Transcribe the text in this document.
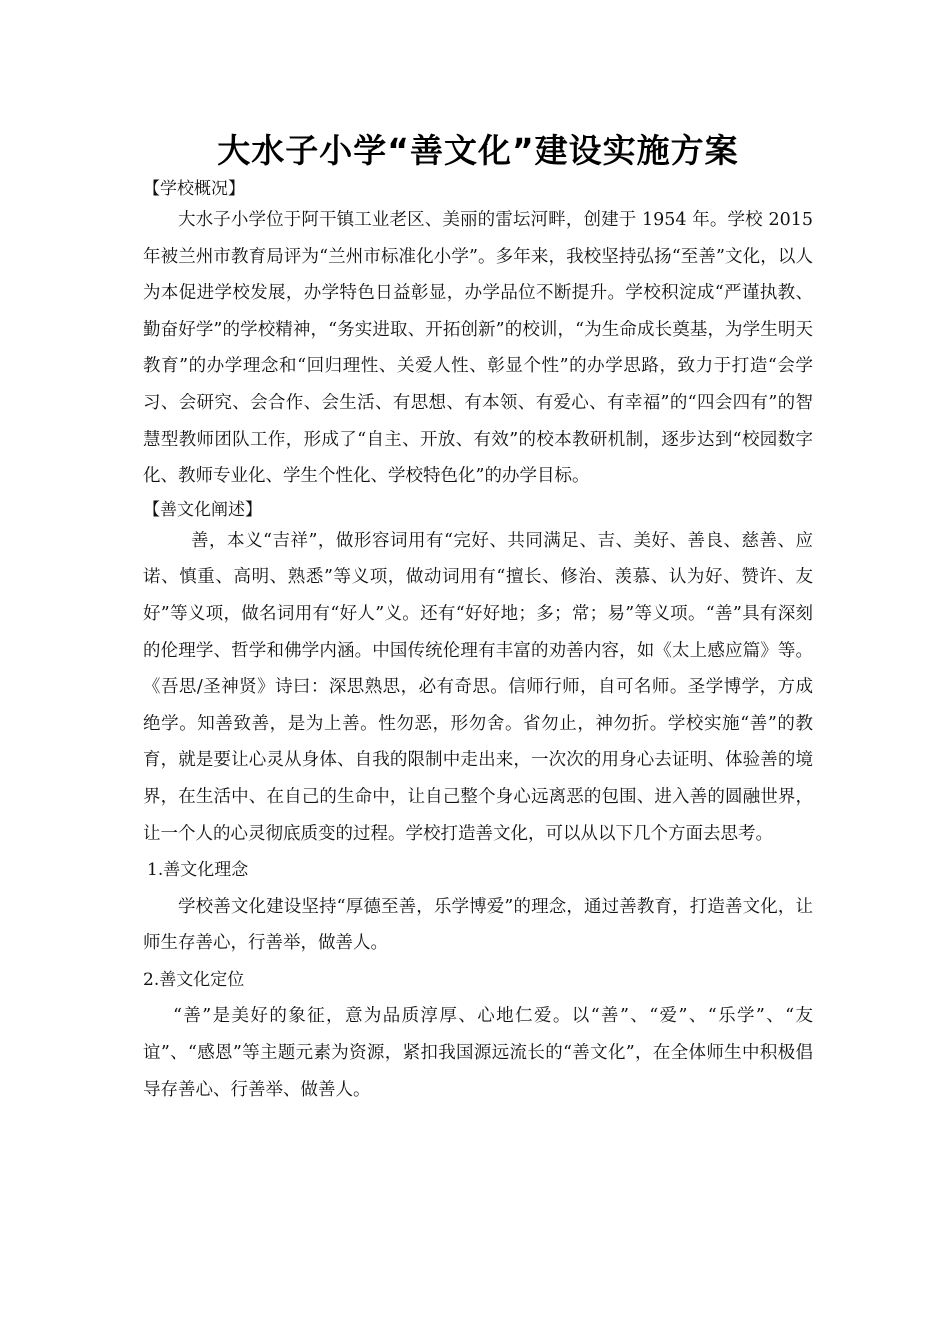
大水子小学“善文化”建设实施方案

【学校概况】

大水子小学位于阿干镇工业老区、美丽的雷坛河畔，创建于 1954 年。学校 2015 年被兰州市教育局评为“兰州市标准化小学”。多年来，我校坚持弘扬“至善”文化，以人为本促进学校发展，办学特色日益彰显，办学品位不断提升。学校积淀成“严谨执教、勤奋好学”的学校精神，“务实进取、开拓创新”的校训，“为生命成长奠基，为学生明天教育”的办学理念和“回归理性、关爱人性、彰显个性”的办学思路，致力于打造“会学习、会研究、会合作、会生活、有思想、有本领、有爱心、有幸福”的“四会四有”的智慧型教师团队工作，形成了“自主、开放、有效”的校本教研机制，逐步达到“校园数字化、教师专业化、学生个性化、学校特色化”的办学目标。

【善文化阐述】

善，本义“吉祥”，做形容词用有“完好、共同满足、吉、美好、善良、慈善、应诺、慎重、高明、熟悉”等义项，做动词用有“擅长、修治、羡慕、认为好、赞许、友好”等义项，做名词用有“好人”义。还有“好好地；多；常；易”等义项。“善”具有深刻的伦理学、哲学和佛学内涵。中国传统伦理有丰富的劝善内容，如《太上感应篇》等。《吾思/圣神贤》诗曰：深思熟思，必有奇思。信师行师，自可名师。圣学博学，方成绝学。知善致善，是为上善。性勿恶，形勿舍。省勿止，神勿折。学校实施“善”的教育，就是要让心灵从身体、自我的限制中走出来，一次次的用身心去证明、体验善的境界，在生活中、在自己的生命中，让自己整个身心远离恶的包围、进入善的圆融世界，让一个人的心灵彻底质变的过程。学校打造善文化，可以从以下几个方面去思考。

1.善文化理念

学校善文化建设坚持“厚德至善，乐学博爱”的理念，通过善教育，打造善文化，让师生存善心，行善举，做善人。

2.善文化定位

“善”是美好的象征，意为品质淳厚、心地仁爱。以“善”、“爱”、“乐学”、“友谊”、“感恩”等主题元素为资源，紧扣我国源远流长的“善文化”，在全体师生中积极倡导存善心、行善举、做善人。
